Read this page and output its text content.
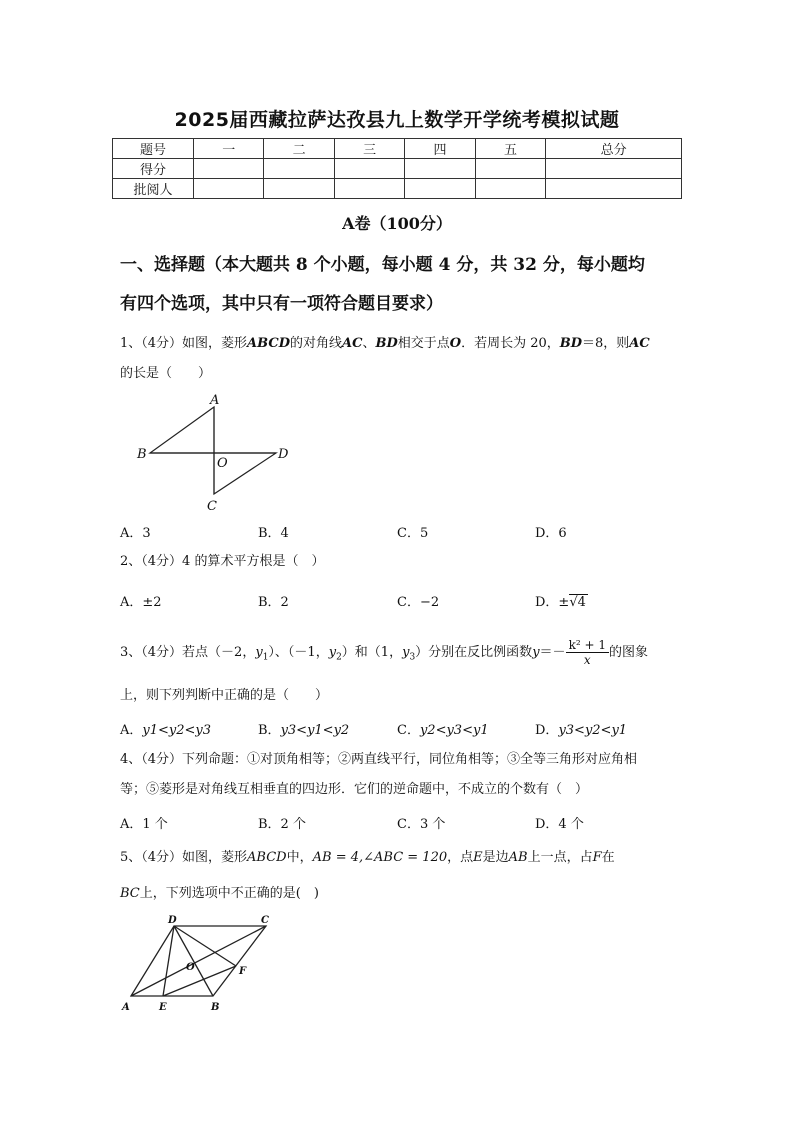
2025届西藏拉萨达孜县九上数学开学统考模拟试题
题号	一	二	三	四	五	总分
得分						
批阅人						
A卷（100分）
一、选择题（本大题共 8 个小题，每小题 4 分，共 32 分，每小题均
有四个选项，其中只有一项符合题目要求）
1、（4分）如图，菱形ABCD的对角线AC、BD相交于点O．若周长为 20，BD＝8，则AC
的长是（　　）
A
B	D
C
O
A．3	B．4	C．5	D．6
2、（4分）4 的算术平方根是（　）
A．±2	B．2	C．−2	D．±√4
3、（4分）若点（－2，$y_1$）、（－1，$y_2$）和（1，$y_3$）分别在反比例函数$y=- \frac{\text{k² + 1}}{x}$ 的图象
上，则下列判断中正确的是（　　）
A．y1<y2<y3	B．y3<y1<y2	C．y2<y3<y1	D．y3<y2<y1
4、（4分）下列命题：①对顶角相等；②两直线平行，同位角相等；③全等三角形对应角相
等；⑤菱形是对角线互相垂直的四边形．它们的逆命题中，不成立的个数有（　）
A．1 个	B．2 个	C．3 个	D．4 个
5、（4分）如图，菱形ABCD中，AB = 4,∠ABC = 120，点E是边AB上一点，占F在
BC上，下列选项中不正确的是(　)
D	C
A	E	B
F
O
